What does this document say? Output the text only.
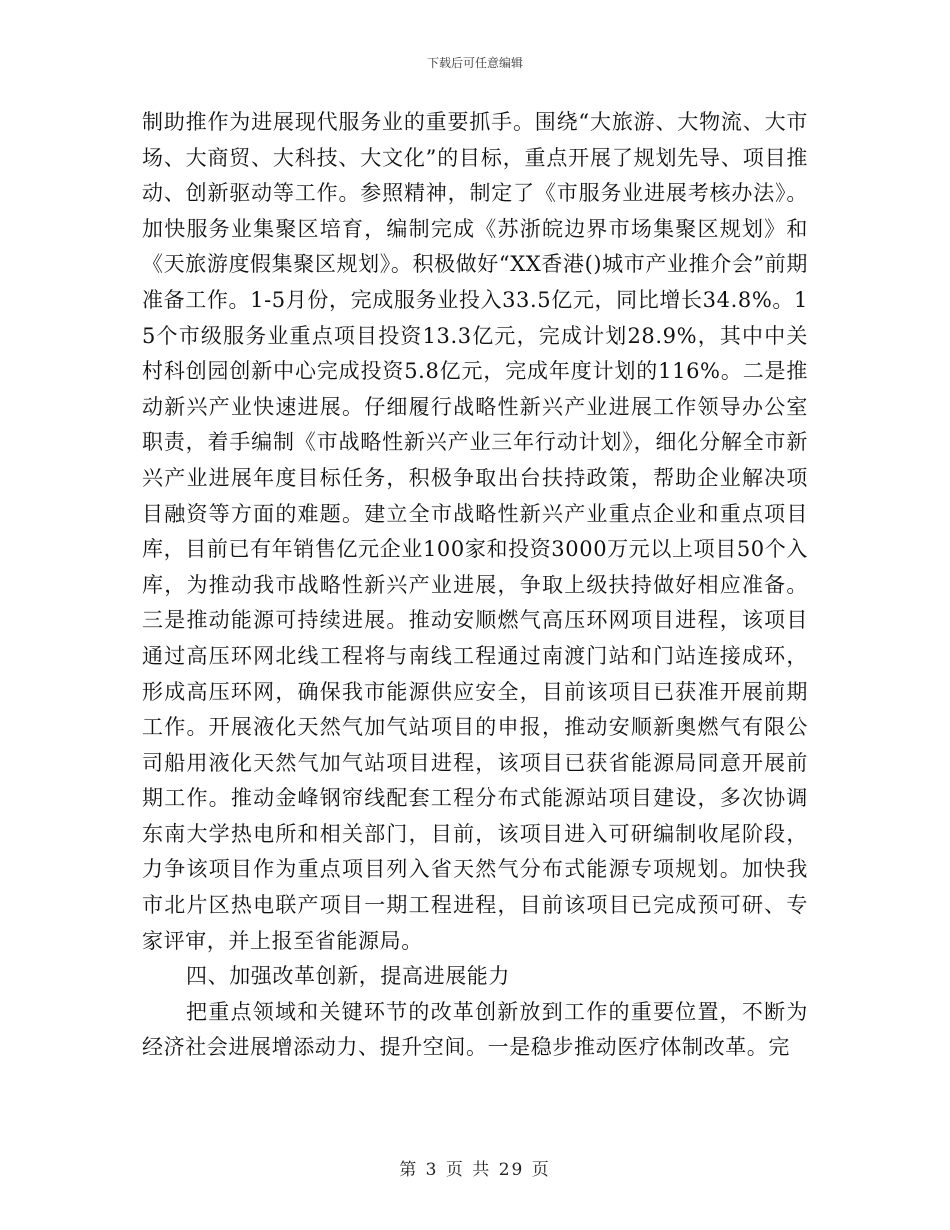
下载后可任意编辑

制助推作为进展现代服务业的重要抓手。围绕“大旅游、大物流、大市场、大商贸、大科技、大文化”的目标，重点开展了规划先导、项目推动、创新驱动等工作。参照精神，制定了《市服务业进展考核办法》。加快服务业集聚区培育，编制完成《苏浙皖边界市场集聚区规划》和《天旅游度假集聚区规划》。积极做好“XX香港()城市产业推介会”前期准备工作。1-5月份，完成服务业投入33.5亿元，同比增长34.8%。15个市级服务业重点项目投资13.3亿元，完成计划28.9%，其中中关村科创园创新中心完成投资5.8亿元，完成年度计划的116%。二是推动新兴产业快速进展。仔细履行战略性新兴产业进展工作领导办公室职责，着手编制《市战略性新兴产业三年行动计划》，细化分解全市新兴产业进展年度目标任务，积极争取出台扶持政策，帮助企业解决项目融资等方面的难题。建立全市战略性新兴产业重点企业和重点项目库，目前已有年销售亿元企业100家和投资3000万元以上项目50个入库，为推动我市战略性新兴产业进展，争取上级扶持做好相应准备。三是推动能源可持续进展。推动安顺燃气高压环网项目进程，该项目通过高压环网北线工程将与南线工程通过南渡门站和门站连接成环，形成高压环网，确保我市能源供应安全，目前该项目已获准开展前期工作。开展液化天然气加气站项目的申报，推动安顺新奥燃气有限公司船用液化天然气加气站项目进程，该项目已获省能源局同意开展前期工作。推动金峰钢帘线配套工程分布式能源站项目建设，多次协调东南大学热电所和相关部门，目前，该项目进入可研编制收尾阶段，力争该项目作为重点项目列入省天然气分布式能源专项规划。加快我市北片区热电联产项目一期工程进程，目前该项目已完成预可研、专家评审，并上报至省能源局。

四、加强改革创新，提高进展能力

把重点领域和关键环节的改革创新放到工作的重要位置，不断为经济社会进展增添动力、提升空间。一是稳步推动医疗体制改革。完

第 3 页 共 29 页
